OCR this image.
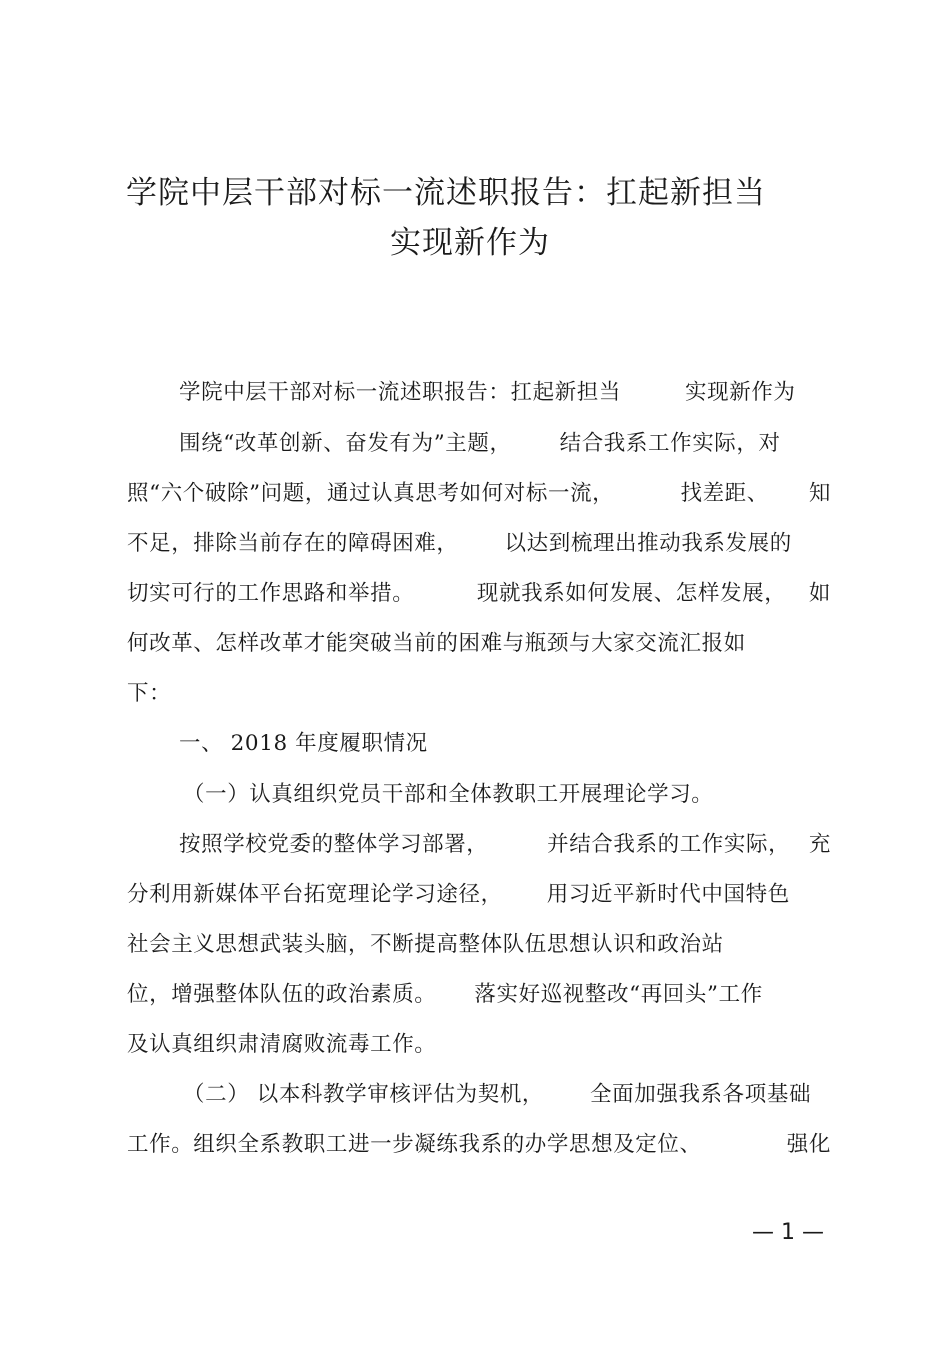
学院中层干部对标一流述职报告：扛起新担当
实现新作为
学院中层干部对标一流述职报告：扛起新担当	实现新作为
围绕“改革创新、奋发有为”主题， 结合我系工作实际，对
照“六个破除”问题，通过认真思考如何对标一流，	找差距、 知
不足，排除当前存在的障碍困难， 以达到梳理出推动我系发展的
切实可行的工作思路和举措。	现就我系如何发展、怎样发展， 如
何改革、怎样改革才能突破当前的困难与瓶颈与大家交流汇报如
下：
一、 2018 年度履职情况
（一）认真组织党员干部和全体教职工开展理论学习。
按照学校党委的整体学习部署，	并结合我系的工作实际， 充
分利用新媒体平台拓宽理论学习途径， 用习近平新时代中国特色
社会主义思想武装头脑，不断提高整体队伍思想认识和政治站
位，增强整体队伍的政治素质。 落实好巡视整改“再回头”工作
及认真组织肃清腐败流毒工作。
（二） 以本科教学审核评估为契机， 全面加强我系各项基础
工作。组织全系教职工进一步凝练我系的办学思想及定位、	强化
— 1 —
